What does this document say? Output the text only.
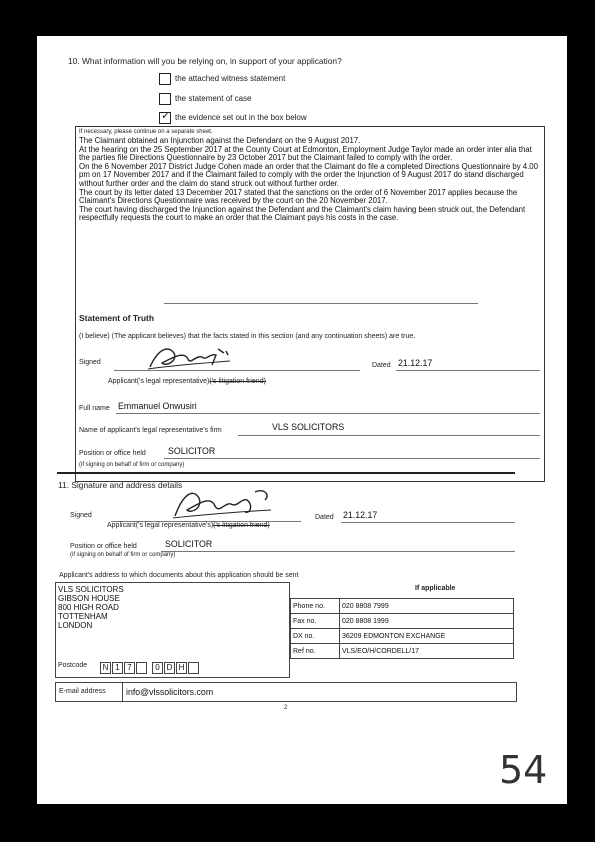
10. What information will you be relying on, in support of your application?
the attached witness statement
the statement of case
✓ the evidence set out in the box below
If necessary, please continue on a separate sheet.

The Claimant obtained an Injunction against the Defendant on the 9 August 2017.

At the hearing on the 25 September 2017 at the County Court at Edmonton, Employment Judge Taylor made an order inter alia that the parties file Directions Questionnaire by 23 October 2017 but the Claimant failed to comply with the order.

On the 6 November 2017 District Judge Cohen made an order that the Claimant do file a completed Directions Questionnaire by 4.00 pm on 17 November 2017 and if the Claimant failed to comply with the order the Injunction of 9 August 2017 do stand discharged without further order and the claim do stand struck out without further order.

The court by its letter dated 13 December 2017 stated that the sanctions on the order of 6 November 2017 applies because the Claimant's Directions Questionnaire was received by the court on the 20 November 2017.

The court having discharged the Injunction against the Defendant and the Claimant's claim having been struck out, the Defendant respectfully requests the court to make an order that the Claimant pays his costs in the case.

Statement of Truth
(I believe) (The applicant believes) that the facts stated in this section (and any continuation sheets) are true.
Signed	Dated 21.12.17
Applicant('s legal representative)('s litigation friend)
Full name Emmanuel Onwusiri
Name of applicant's legal representative's firm	VLS SOLICITORS
Position or office held	SOLICITOR
(if signing on behalf of firm or company)
11. Signature and address details
Signed	Dated 21.12.17
Applicant('s legal representative's)('s litigation friend)
Position or office held	SOLICITOR
(if signing on behalf of firm or company)
Applicant's address to which documents about this application should be sent
VLS SOLICITORS
GIBSON HOUSE
800 HIGH ROAD
TOTTENHAM
LONDON
Postcode	N 1 7	0 D H
If applicable
Phone no.	020 8808 7999
Fax no.	020 8808 1999
DX no.	36209 EDMONTON EXCHANGE
Ref no.	VLS/EO/H/CORDELL/17
E-mail address info@vlssolicitors.com
2
54
